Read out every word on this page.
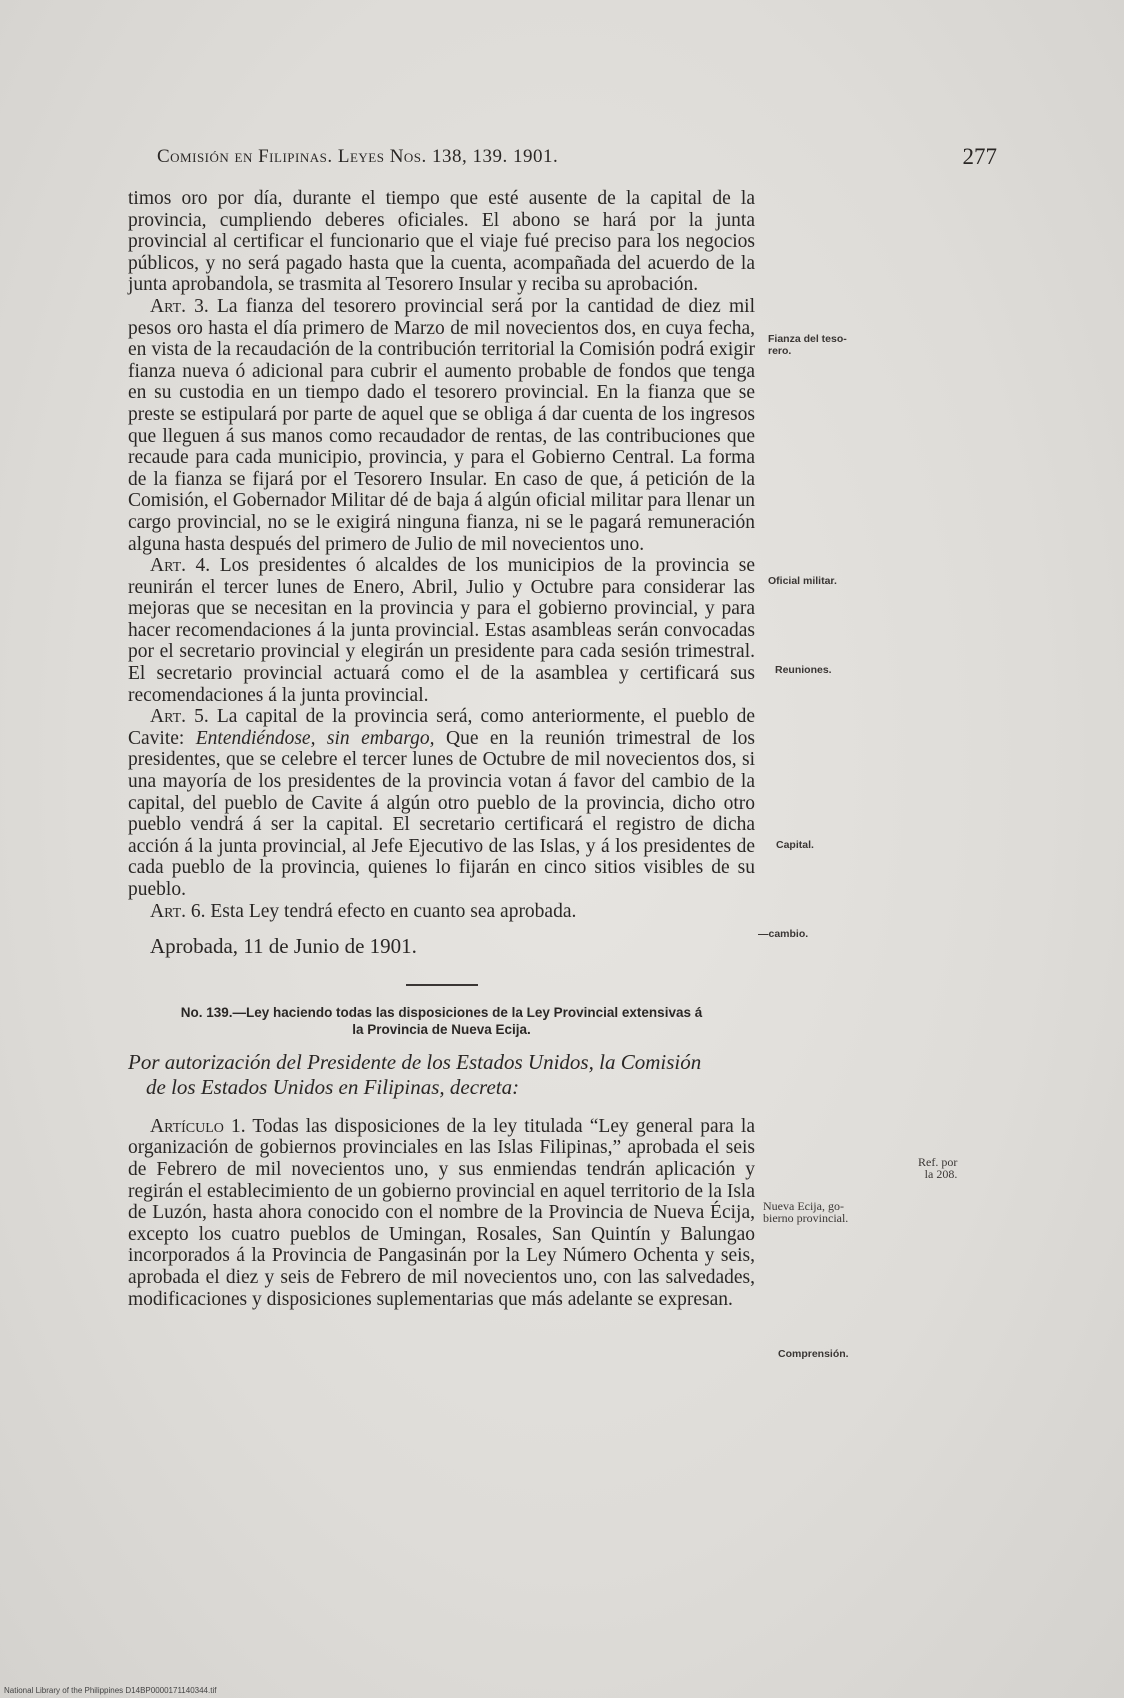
Comisión en Filipinas. Leyes Nos. 138, 139. 1901.	277

timos oro por día, durante el tiempo que esté ausente de la capital de la provincia, cumpliendo deberes oficiales. El abono se hará por la junta provincial al certificar el funcionario que el viaje fué preciso para los negocios públicos, y no será pagado hasta que la cuenta, acompañada del acuerdo de la junta aprobandola, se trasmita al Tesorero Insular y reciba su aprobación.

Art. 3. La fianza del tesorero provincial será por la cantidad de diez mil pesos oro hasta el día primero de Marzo de mil novecientos dos, en cuya fecha, en vista de la recaudación de la contribución territorial la Comisión podrá exigir fianza nueva ó adicional para cubrir el aumento probable de fondos que tenga en su custodia en un tiempo dado el tesorero provincial. En la fianza que se preste se estipulará por parte de aquel que se obliga á dar cuenta de los ingresos que lleguen á sus manos como recaudador de rentas, de las contribuciones que recaude para cada municipio, provincia, y para el Gobierno Central. La forma de la fianza se fijará por el Tesorero Insular. En caso de que, á petición de la Comisión, el Gobernador Militar dé de baja á algún oficial militar para llenar un cargo provincial, no se le exigirá ninguna fianza, ni se le pagará remuneración alguna hasta después del primero de Julio de mil novecientos uno.

Art. 4. Los presidentes ó alcaldes de los municipios de la provincia se reunirán el tercer lunes de Enero, Abril, Julio y Octubre para considerar las mejoras que se necesitan en la provincia y para el gobierno provincial, y para hacer recomendaciones á la junta provincial. Estas asambleas serán convocadas por el secretario provincial y elegirán un presidente para cada sesión trimestral. El secretario provincial actuará como el de la asamblea y certificará sus recomendaciones á la junta provincial.

Art. 5. La capital de la provincia será, como anteriormente, el pueblo de Cavite: Entendiéndose, sin embargo, Que en la reunión trimestral de los presidentes, que se celebre el tercer lunes de Octubre de mil novecientos dos, si una mayoría de los presidentes de la provincia votan á favor del cambio de la capital, del pueblo de Cavite á algún otro pueblo de la provincia, dicho otro pueblo vendrá á ser la capital. El secretario certificará el registro de dicha acción á la junta provincial, al Jefe Ejecutivo de las Islas, y á los presidentes de cada pueblo de la provincia, quienes lo fijarán en cinco sitios visibles de su pueblo.

Art. 6. Esta Ley tendrá efecto en cuanto sea aprobada.

Aprobada, 11 de Junio de 1901.

No. 139.—Ley haciendo todas las disposiciones de la Ley Provincial extensivas á
la Provincia de Nueva Ecija.

Por autorización del Presidente de los Estados Unidos, la Comisión
de los Estados Unidos en Filipinas, decreta:

Artículo 1. Todas las disposiciones de la ley titulada “Ley general para la organización de gobiernos provinciales en las Islas Filipinas,” aprobada el seis de Febrero de mil novecientos uno, y sus enmiendas tendrán aplicación y regirán el establecimiento de un gobierno provincial en aquel territorio de la Isla de Luzón, hasta ahora conocido con el nombre de la Provincia de Nueva Écija, excepto los cuatro pueblos de Umingan, Rosales, San Quintín y Balungao incorporados á la Provincia de Pangasinán por la Ley Número Ochenta y seis, aprobada el diez y seis de Febrero de mil novecientos uno, con las salvedades, modificaciones y disposiciones suplementarias que más adelante se expresan.

Fianza del teso-
rero.
Oficial militar.
Reuniones.
Capital.
—cambio.
Ref. por
la 208.
Nueva Ecija, go-
bierno provincial.
Comprensión.
National Library of the Philippines D14BP0000171140344.tif
